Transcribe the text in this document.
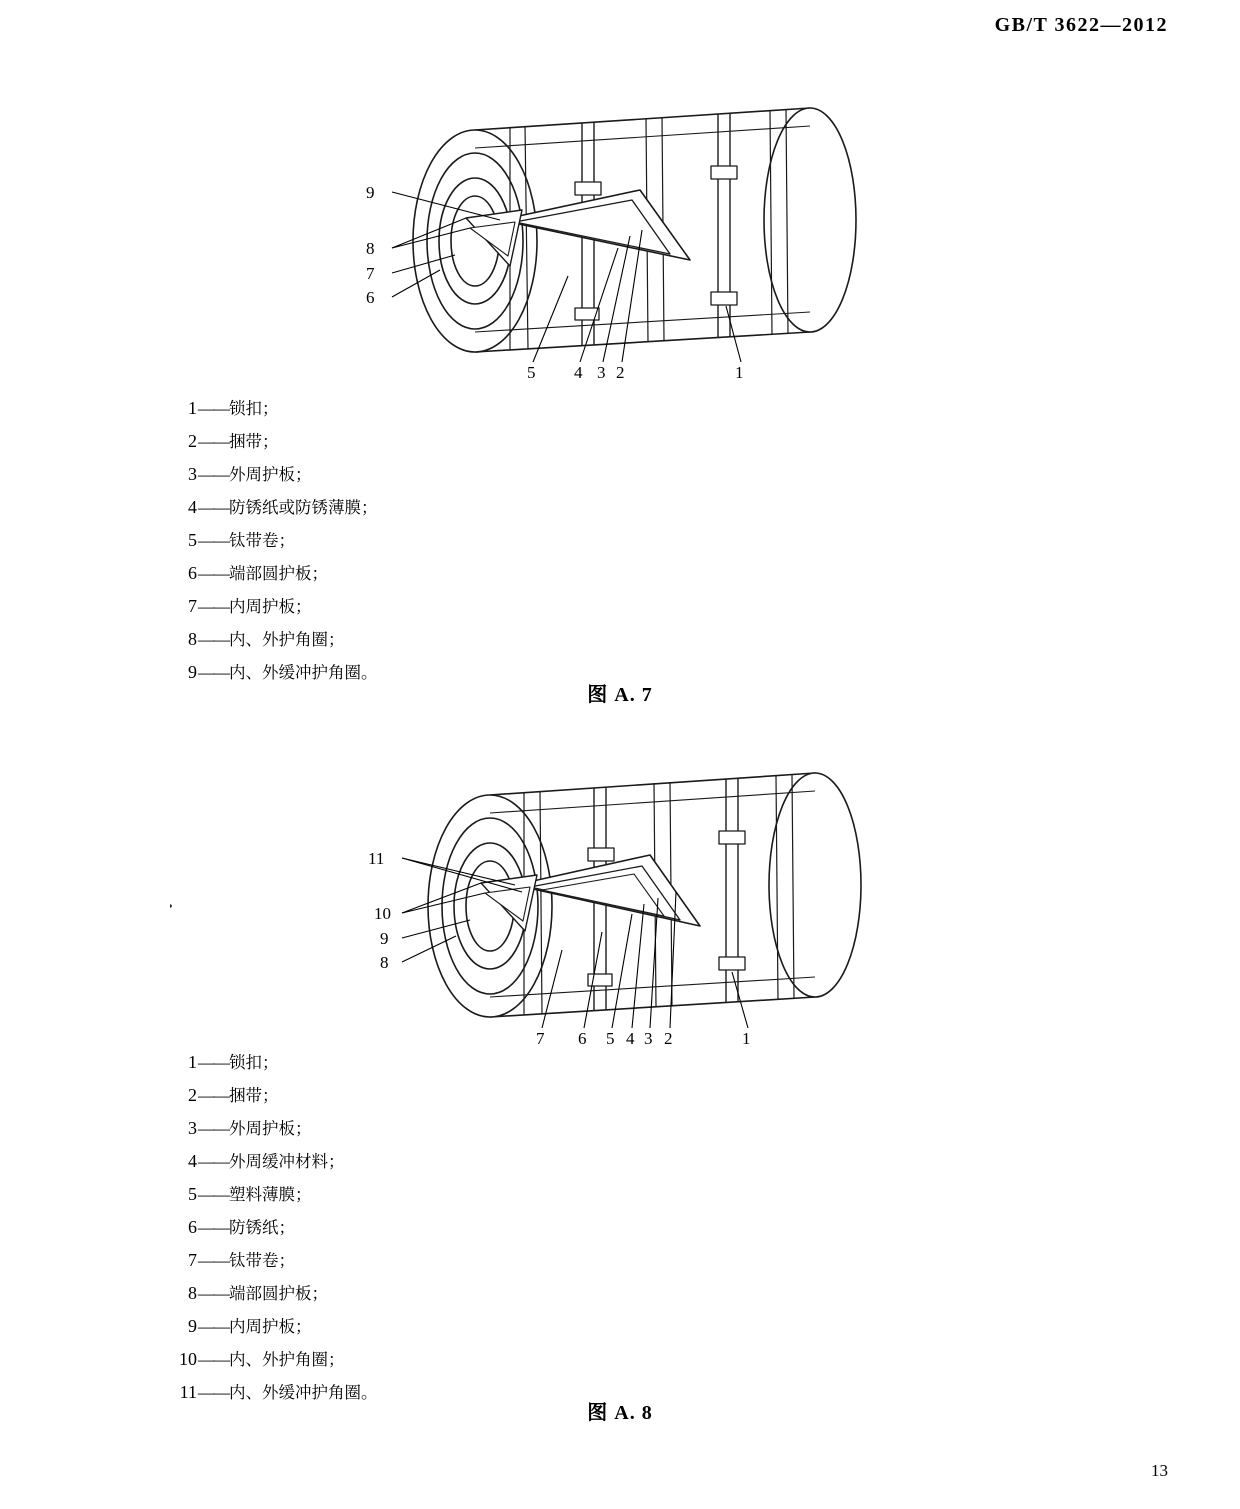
GB/T 3622—2012
9
8
7
6
5 4 3 2	1
1——锁扣；
2——捆带；
3——外周护板；
4——防锈纸或防锈薄膜；
5——钛带卷；
6——端部圆护板；
7——内周护板；
8——内、外护角圈；
9——内、外缓冲护角圈。
图 A. 7
11
10
9
8
7 6 5 4 3 2	1
1——锁扣；
2——捆带；
3——外周护板；
4——外周缓冲材料；
5——塑料薄膜；
6——防锈纸；
7——钛带卷；
8——端部圆护板；
9——内周护板；
10——内、外护角圈；
11——内、外缓冲护角圈。
图 A. 8
13
